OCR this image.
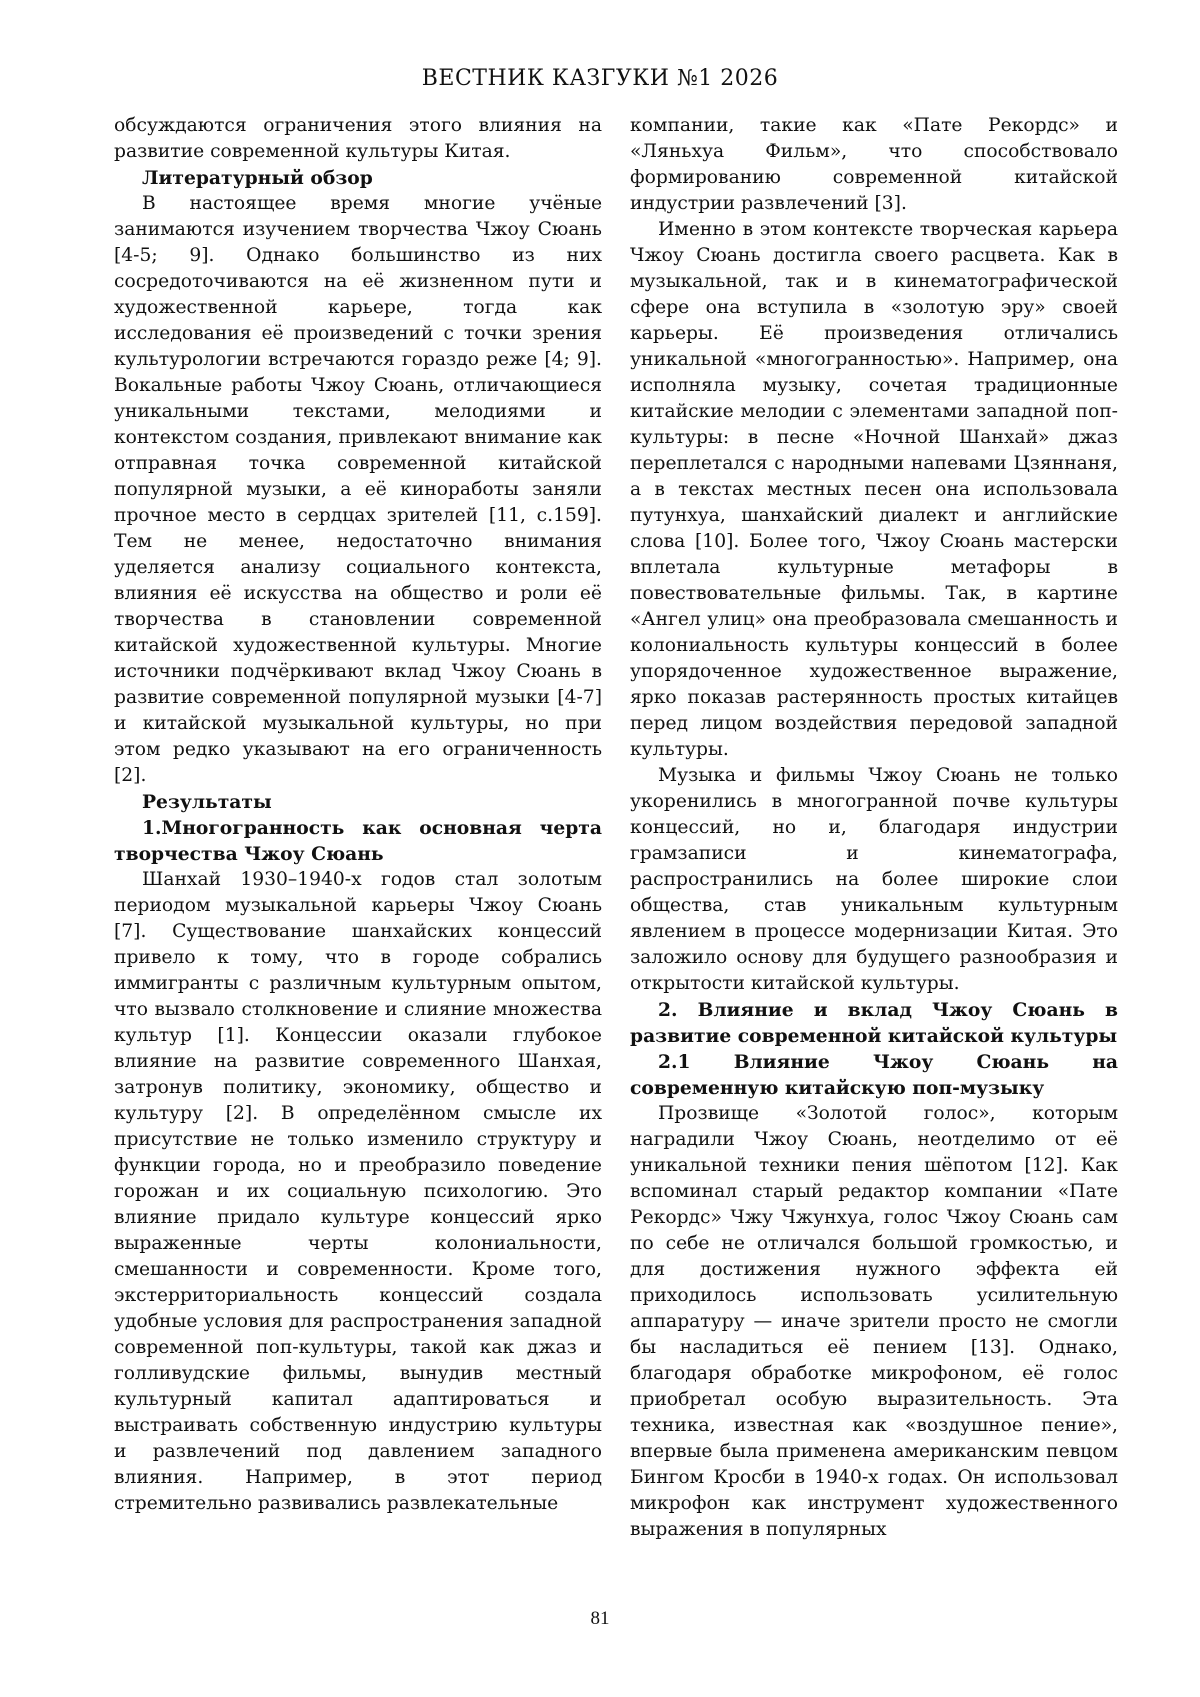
ВЕСТНИК КАЗГУКИ №1 2026

обсуждаются ограничения этого влияния на развитие современной культуры Китая.

Литературный обзор

В настоящее время многие учёные занимаются изучением творчества Чжоу Сюань [4-5; 9]. Однако большинство из них сосредоточиваются на её жизненном пути и художественной карьере, тогда как исследования её произведений с точки зрения культурологии встречаются гораздо реже [4; 9]. Вокальные работы Чжоу Сюань, отличающиеся уникальными текстами, мелодиями и контекстом создания, привлекают внимание как отправная точка современной китайской популярной музыки, а её киноработы заняли прочное место в сердцах зрителей [11, с.159]. Тем не менее, недостаточно внимания уделяется анализу социального контекста, влияния её искусства на общество и роли её творчества в становлении современной китайской художественной культуры. Многие источники подчёркивают вклад Чжоу Сюань в развитие современной популярной музыки [4-7] и китайской музыкальной культуры, но при этом редко указывают на его ограниченность [2].

Результаты
1.Многогранность как основная черта творчества Чжоу Сюань

Шанхай 1930–1940-х годов стал золотым периодом музыкальной карьеры Чжоу Сюань [7]. Существование шанхайских концессий привело к тому, что в городе собрались иммигранты с различным культурным опытом, что вызвало столкновение и слияние множества культур [1]. Концессии оказали глубокое влияние на развитие современного Шанхая, затронув политику, экономику, общество и культуру [2]. В определённом смысле их присутствие не только изменило структуру и функции города, но и преобразило поведение горожан и их социальную психологию. Это влияние придало культуре концессий ярко выраженные черты колониальности, смешанности и современности. Кроме того, экстерриториальность концессий создала удобные условия для распространения западной современной поп-культуры, такой как джаз и голливудские фильмы, вынудив местный культурный капитал адаптироваться и выстраивать собственную индустрию культуры и развлечений под давлением западного влияния. Например, в этот период стремительно развивались развлекательные

компании, такие как «Пате Рекордс» и «Ляньхуа Фильм», что способствовало формированию современной китайской индустрии развлечений [3].

Именно в этом контексте творческая карьера Чжоу Сюань достигла своего расцвета. Как в музыкальной, так и в кинематографической сфере она вступила в «золотую эру» своей карьеры. Её произведения отличались уникальной «многогранностью». Например, она исполняла музыку, сочетая традиционные китайские мелодии с элементами западной поп-культуры: в песне «Ночной Шанхай» джаз переплетался с народными напевами Цзяннаня, а в текстах местных песен она использовала путунхуа, шанхайский диалект и английские слова [10]. Более того, Чжоу Сюань мастерски вплетала культурные метафоры в повествовательные фильмы. Так, в картине «Ангел улиц» она преобразовала смешанность и колониальность культуры концессий в более упорядоченное художественное выражение, ярко показав растерянность простых китайцев перед лицом воздействия передовой западной культуры.

Музыка и фильмы Чжоу Сюань не только укоренились в многогранной почве культуры концессий, но и, благодаря индустрии грамзаписи и кинематографа, распространились на более широкие слои общества, став уникальным культурным явлением в процессе модернизации Китая. Это заложило основу для будущего разнообразия и открытости китайской культуры.

2. Влияние и вклад Чжоу Сюань в развитие современной китайской культуры
2.1 Влияние Чжоу Сюань на современную китайскую поп-музыку

Прозвище «Золотой голос», которым наградили Чжоу Сюань, неотделимо от её уникальной техники пения шёпотом [12]. Как вспоминал старый редактор компании «Пате Рекордс» Чжу Чжунхуа, голос Чжоу Сюань сам по себе не отличался большой громкостью, и для достижения нужного эффекта ей приходилось использовать усилительную аппаратуру — иначе зрители просто не смогли бы насладиться её пением [13]. Однако, благодаря обработке микрофоном, её голос приобретал особую выразительность. Эта техника, известная как «воздушное пение», впервые была применена американским певцом Бингом Кросби в 1940-х годах. Он использовал микрофон как инструмент художественного выражения в популярных

81
